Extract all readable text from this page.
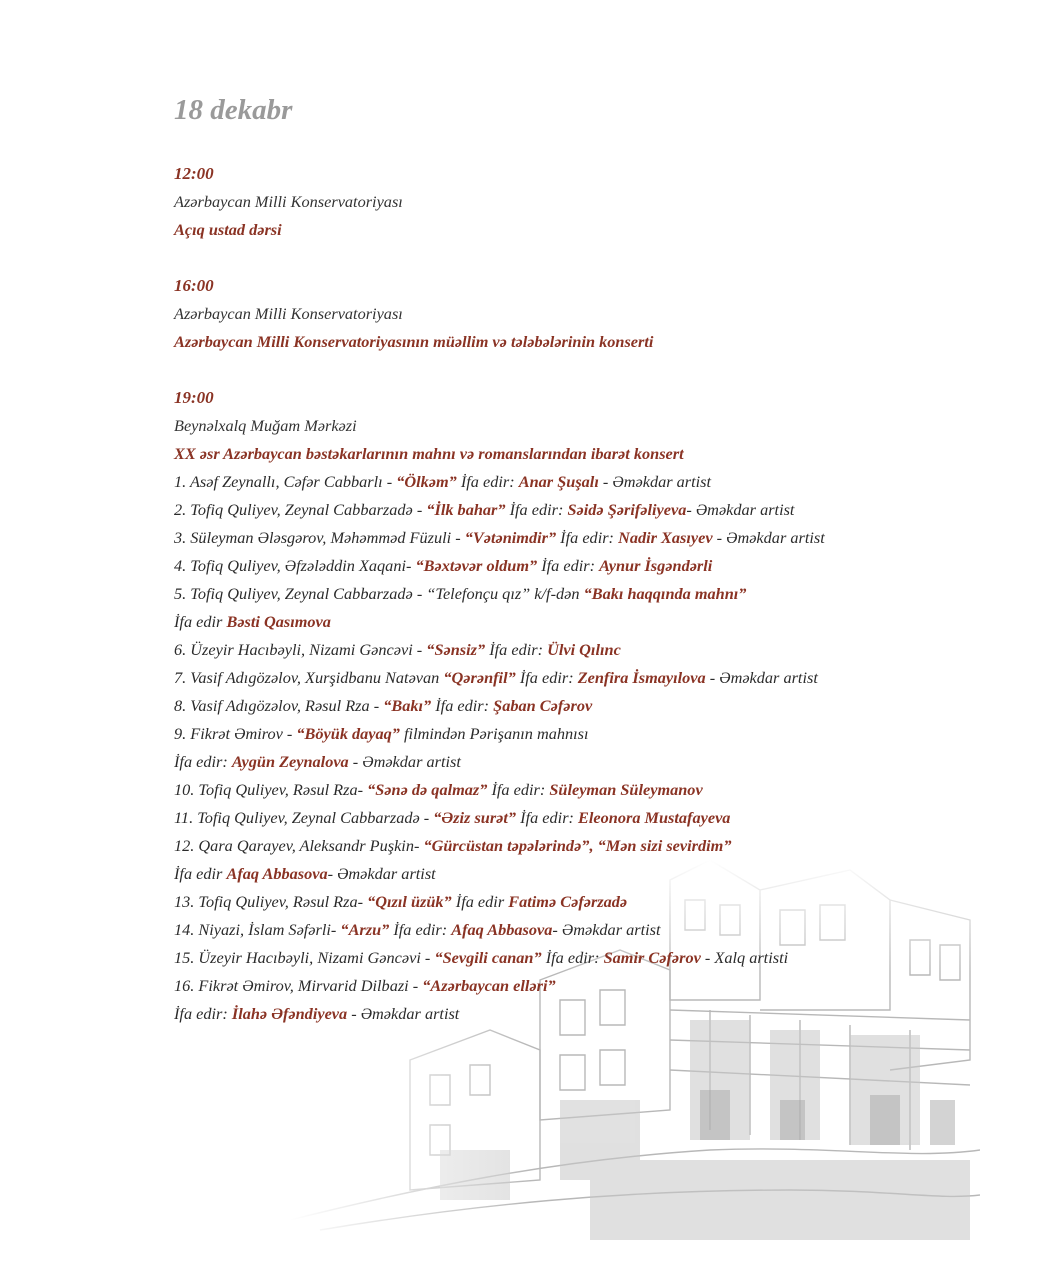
18 dekabr
12:00
Azərbaycan Milli Konservatoriyası
Açıq ustad dərsi
16:00
Azərbaycan Milli Konservatoriyası
Azərbaycan Milli Konservatoriyasının müəllim və tələbələrinin konserti
19:00
Beynəlxalq Muğam Mərkəzi
XX əsr Azərbaycan bəstəkarlarının mahnı və romanslarından ibarət konsert
1. Asəf Zeynallı, Cəfər Cabbarlı - “Ölkəm” İfa edir: Anar Şuşalı - Əməkdar artist
2. Tofiq Quliyev, Zeynal Cabbarzadə - “İlk bahar” İfa edir: Səidə Şərifəliyeva- Əməkdar artist
3. Süleyman Ələsgərov, Məhəmməd Füzuli - “Vətənimdir” İfa edir: Nadir Xasıyev - Əməkdar artist
4. Tofiq Quliyev, Əfzələddin Xaqani- “Bəxtəvər oldum” İfa edir: Aynur İsgəndərli
5. Tofiq Quliyev, Zeynal Cabbarzadə - “Telefonçu qız” k/f-dən “Bakı haqqında mahnı”
İfa edir Bəsti Qasımova
6. Üzeyir Hacıbəyli, Nizami Gəncəvi - “Sənsiz” İfa edir: Ülvi Qılınc
7. Vasif Adıgözəlov, Xurşidbanu Natəvan “Qərənfil” İfa edir: Zenfira İsmayılova - Əməkdar artist
8. Vasif Adıgözəlov, Rəsul Rza - “Bakı” İfa edir: Şaban Cəfərov
9. Fikrət Əmirov - “Böyük dayaq” filmindən Pərişanın mahnısı
İfa edir: Aygün Zeynalova - Əməkdar artist
10. Tofiq Quliyev, Rəsul Rza- “Sənə də qalmaz” İfa edir: Süleyman Süleymanov
11. Tofiq Quliyev, Zeynal Cabbarzadə - “Əziz surət” İfa edir: Eleonora Mustafayeva
12. Qara Qarayev, Aleksandr Puşkin- “Gürcüstan təpələrində”, “Mən sizi sevirdim”
İfa edir Afaq Abbasova- Əməkdar artist
13. Tofiq Quliyev, Rəsul Rza- “Qızıl üzük” İfa edir Fatimə Cəfərzadə
14. Niyazi, İslam Səfərli- “Arzu” İfa edir: Afaq Abbasova- Əməkdar artist
15. Üzeyir Hacıbəyli, Nizami Gəncəvi - “Sevgili canan” İfa edir: Samir Cəfərov - Xalq artisti
16. Fikrət Əmirov, Mirvarid Dilbazi - “Azərbaycan elləri”
İfa edir: İlahə Əfəndiyeva - Əməkdar artist
